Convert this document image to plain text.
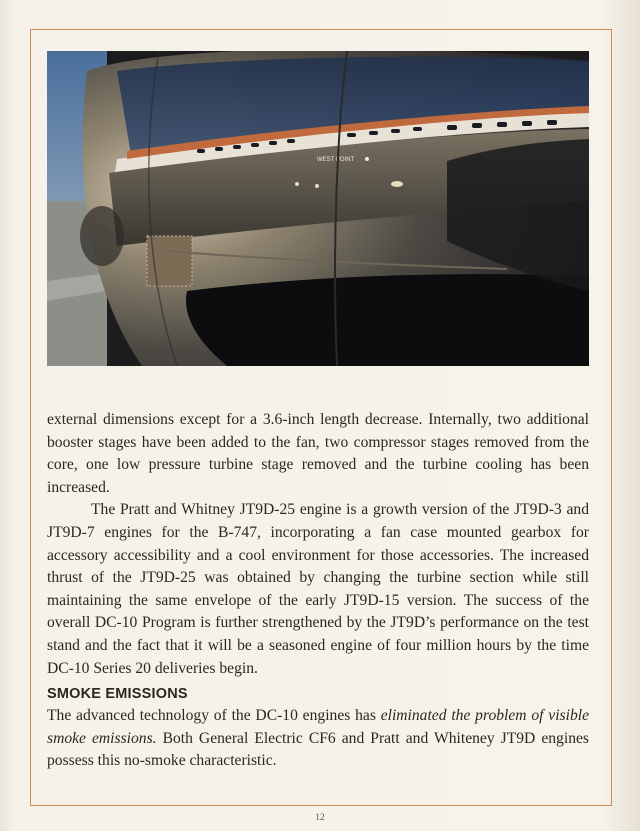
WEST POINT

external dimensions except for a 3.6-inch length decrease. Internally, two additional booster stages have been added to the fan, two compressor stages removed from the core, one low pressure turbine stage removed and the turbine cooling has been increased.

The Pratt and Whitney JT9D-25 engine is a growth version of the JT9D-3 and JT9D-7 engines for the B-747, incorporating a fan case mounted gearbox for accessory accessibility and a cool environment for those accessories. The increased thrust of the JT9D-25 was obtained by changing the turbine section while still maintaining the same envelope of the early JT9D-15 version. The success of the overall DC-10 Program is further strengthened by the JT9D’s performance on the test stand and the fact that it will be a seasoned engine of four million hours by the time DC-10 Series 20 deliveries begin.

SMOKE EMISSIONS

The advanced technology of the DC-10 engines has eliminated the problem of visible smoke emissions. Both General Electric CF6 and Pratt and Whiteney JT9D engines possess this no-smoke characteristic.

12
